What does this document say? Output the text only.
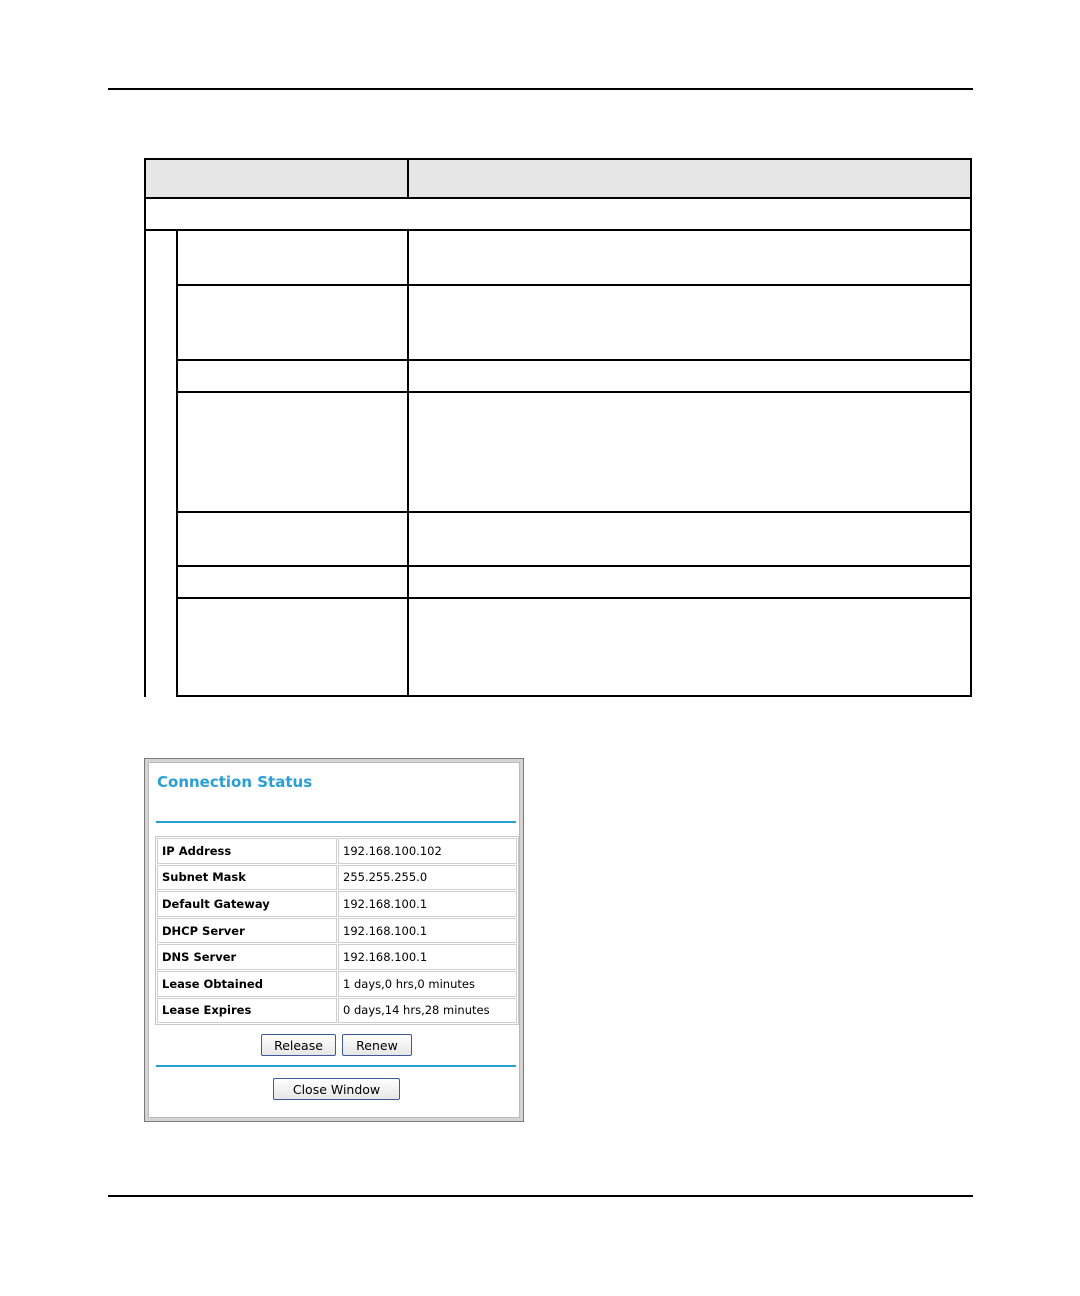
Connection Status
IP Address	192.168.100.102
Subnet Mask	255.255.255.0
Default Gateway	192.168.100.1
DHCP Server	192.168.100.1
DNS Server	192.168.100.1
Lease Obtained	1 days,0 hrs,0 minutes
Lease Expires	0 days,14 hrs,28 minutes
Release	Renew
Close Window
